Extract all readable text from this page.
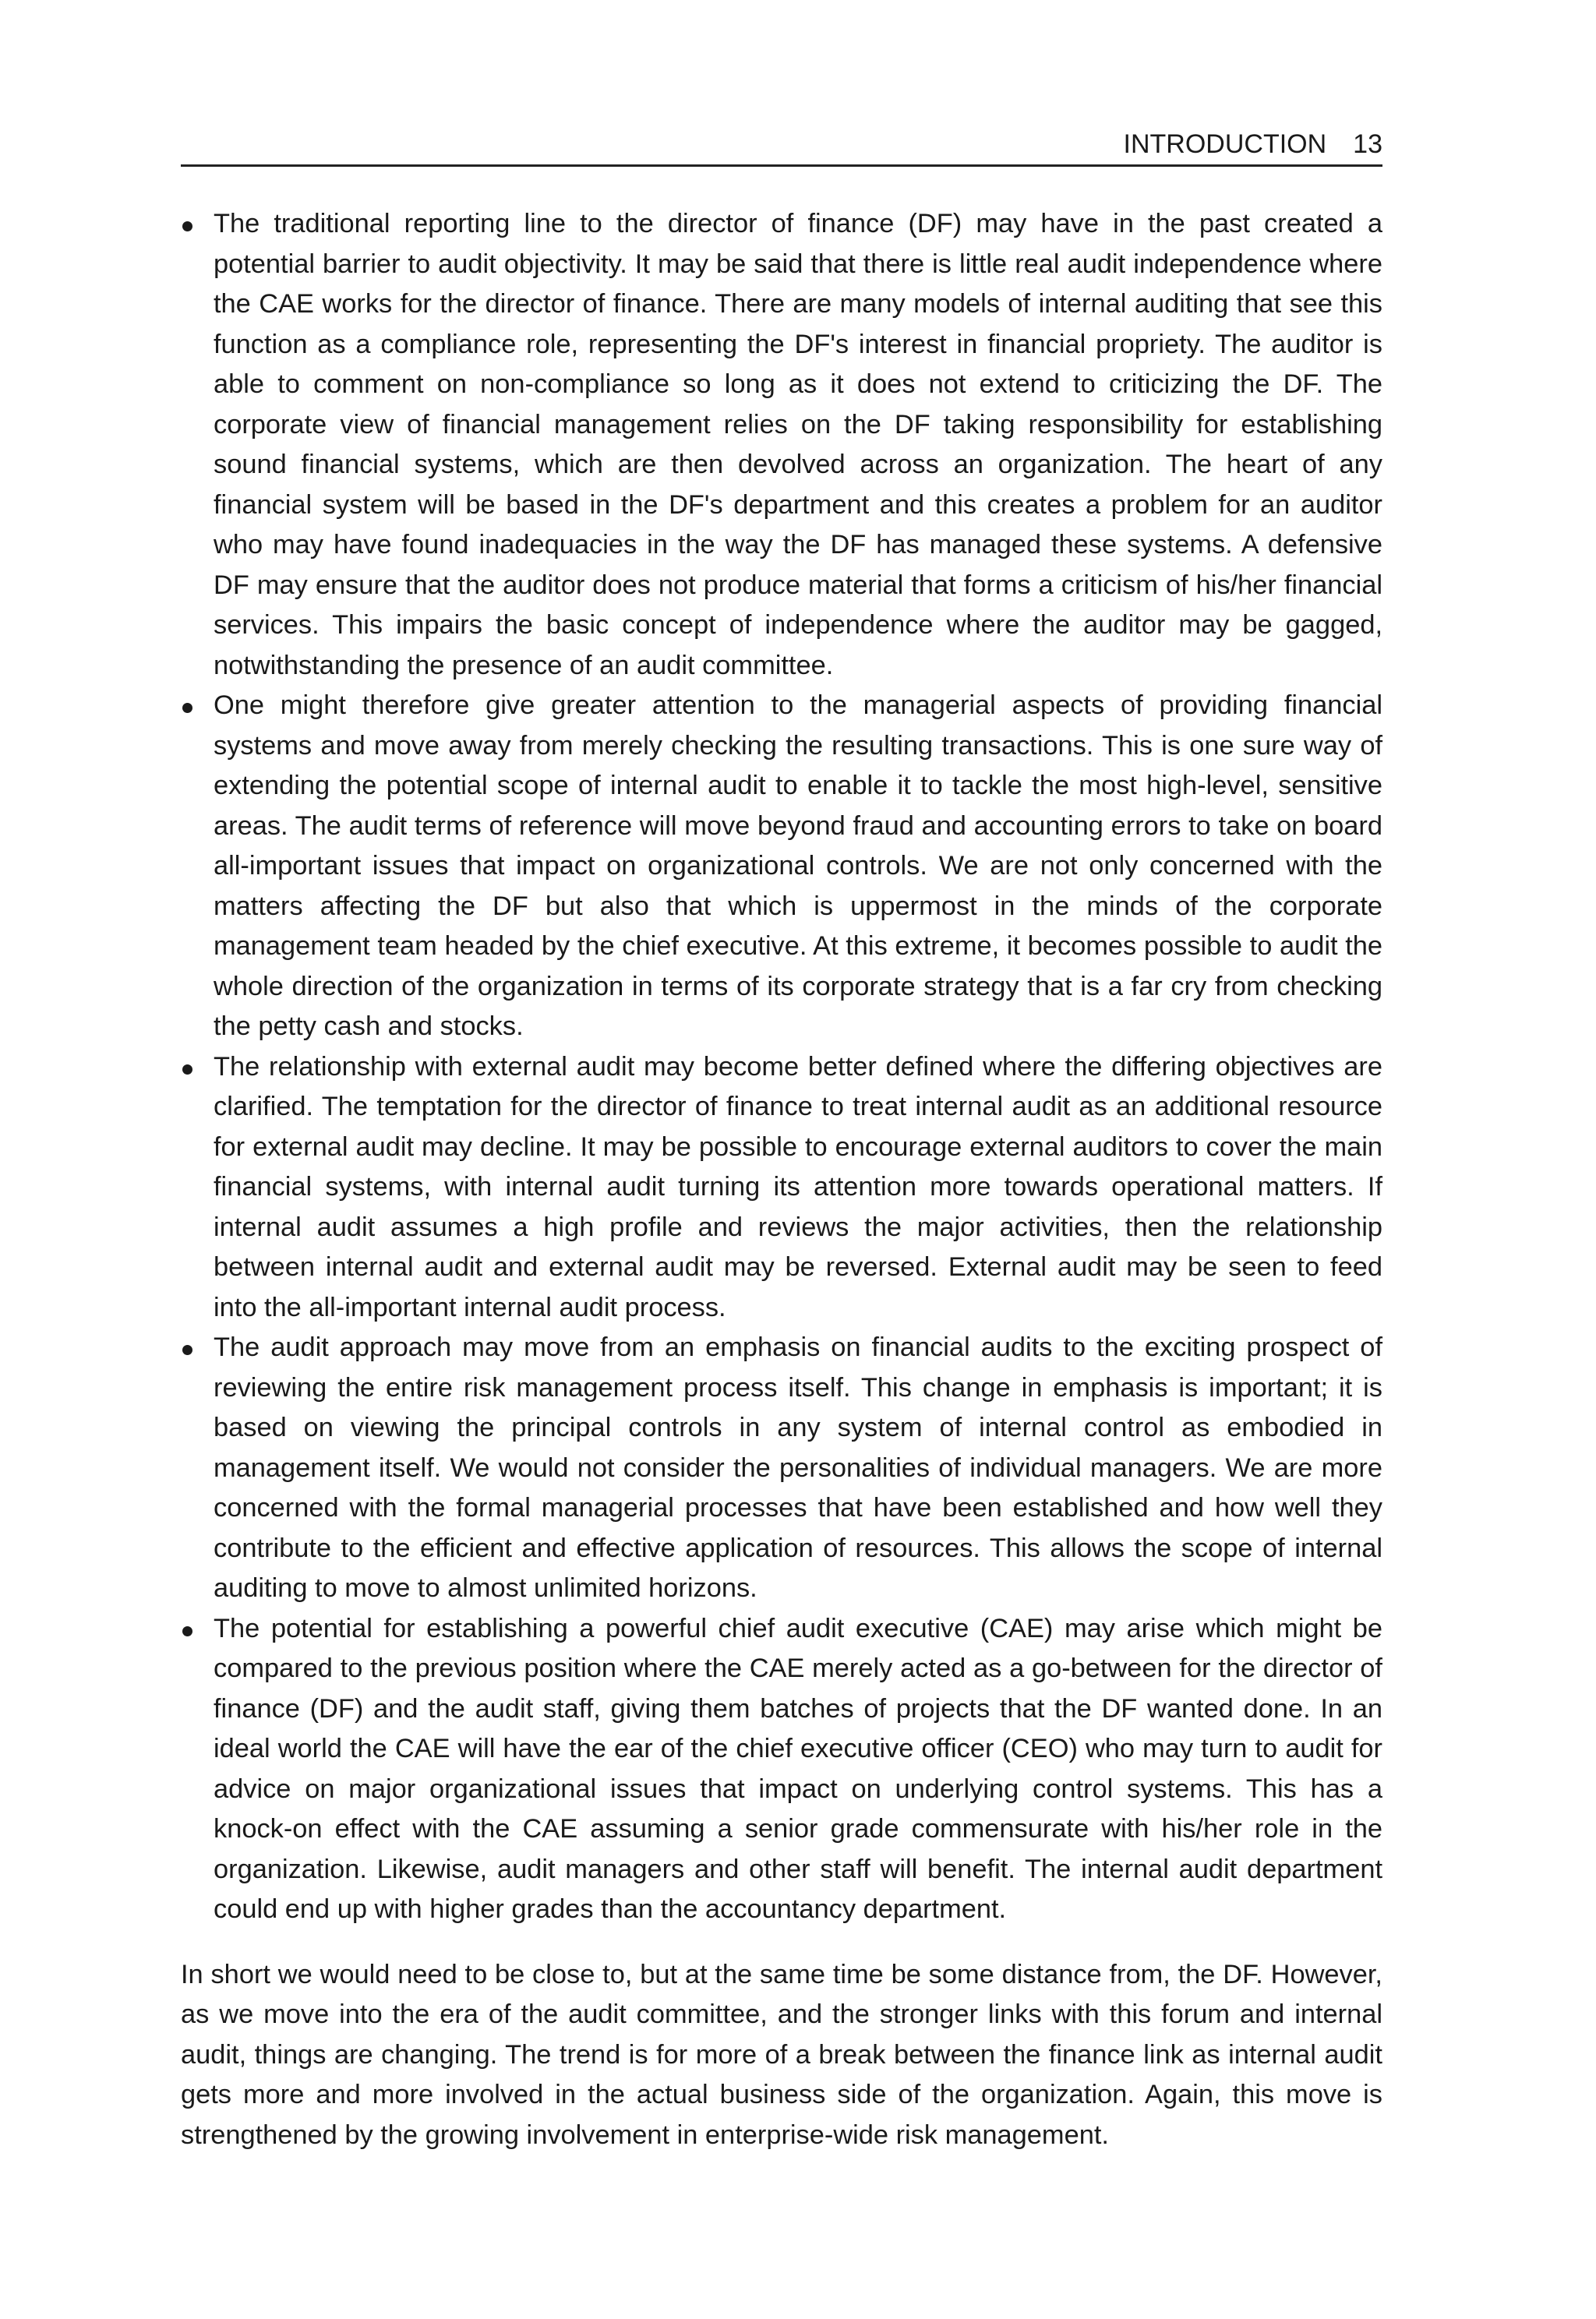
INTRODUCTION 13

The traditional reporting line to the director of finance (DF) may have in the past created a potential barrier to audit objectivity. It may be said that there is little real audit independence where the CAE works for the director of finance. There are many models of internal auditing that see this function as a compliance role, representing the DF's interest in financial propriety. The auditor is able to comment on non-compliance so long as it does not extend to criticizing the DF. The corporate view of financial management relies on the DF taking responsibility for establishing sound financial systems, which are then devolved across an organization. The heart of any financial system will be based in the DF's department and this creates a problem for an auditor who may have found inadequacies in the way the DF has managed these systems. A defensive DF may ensure that the auditor does not produce material that forms a criticism of his/her financial services. This impairs the basic concept of independence where the auditor may be gagged, notwithstanding the presence of an audit committee.

One might therefore give greater attention to the managerial aspects of providing financial systems and move away from merely checking the resulting transactions. This is one sure way of extending the potential scope of internal audit to enable it to tackle the most high-level, sensitive areas. The audit terms of reference will move beyond fraud and accounting errors to take on board all-important issues that impact on organizational controls. We are not only concerned with the matters affecting the DF but also that which is uppermost in the minds of the corporate management team headed by the chief executive. At this extreme, it becomes possible to audit the whole direction of the organization in terms of its corporate strategy that is a far cry from checking the petty cash and stocks.

The relationship with external audit may become better defined where the differing objectives are clarified. The temptation for the director of finance to treat internal audit as an additional resource for external audit may decline. It may be possible to encourage external auditors to cover the main financial systems, with internal audit turning its attention more towards operational matters. If internal audit assumes a high profile and reviews the major activities, then the relationship between internal audit and external audit may be reversed. External audit may be seen to feed into the all-important internal audit process.

The audit approach may move from an emphasis on financial audits to the exciting prospect of reviewing the entire risk management process itself. This change in emphasis is important; it is based on viewing the principal controls in any system of internal control as embodied in management itself. We would not consider the personalities of individual managers. We are more concerned with the formal managerial processes that have been established and how well they contribute to the efficient and effective application of resources. This allows the scope of internal auditing to move to almost unlimited horizons.

The potential for establishing a powerful chief audit executive (CAE) may arise which might be compared to the previous position where the CAE merely acted as a go-between for the director of finance (DF) and the audit staff, giving them batches of projects that the DF wanted done. In an ideal world the CAE will have the ear of the chief executive officer (CEO) who may turn to audit for advice on major organizational issues that impact on underlying control systems. This has a knock-on effect with the CAE assuming a senior grade commensurate with his/her role in the organization. Likewise, audit managers and other staff will benefit. The internal audit department could end up with higher grades than the accountancy department.

In short we would need to be close to, but at the same time be some distance from, the DF. However, as we move into the era of the audit committee, and the stronger links with this forum and internal audit, things are changing. The trend is for more of a break between the finance link as internal audit gets more and more involved in the actual business side of the organization. Again, this move is strengthened by the growing involvement in enterprise-wide risk management.
